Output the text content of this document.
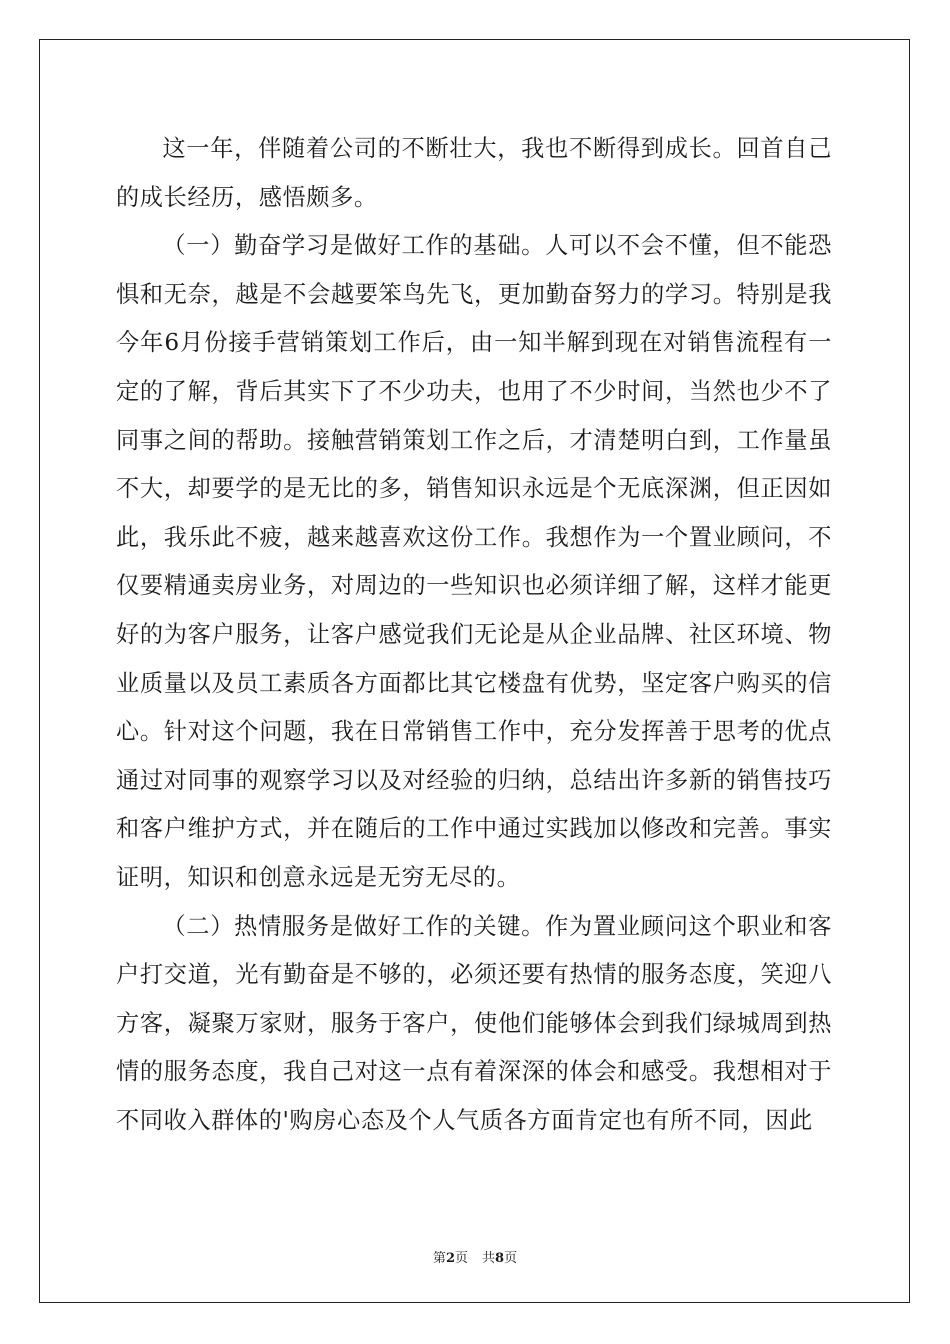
这一年，伴随着公司的不断壮大，我也不断得到成长。回首自己的成长经历，感悟颇多。

（一）勤奋学习是做好工作的基础。人可以不会不懂，但不能恐惧和无奈，越是不会越要笨鸟先飞，更加勤奋努力的学习。特别是我今年6月份接手营销策划工作后，由一知半解到现在对销售流程有一定的了解，背后其实下了不少功夫，也用了不少时间，当然也少不了同事之间的帮助。接触营销策划工作之后，才清楚明白到，工作量虽不大，却要学的是无比的多，销售知识永远是个无底深渊，但正因如此，我乐此不疲，越来越喜欢这份工作。我想作为一个置业顾问，不仅要精通卖房业务，对周边的一些知识也必须详细了解，这样才能更好的为客户服务，让客户感觉我们无论是从企业品牌、社区环境、物业质量以及员工素质各方面都比其它楼盘有优势，坚定客户购买的信心。针对这个问题，我在日常销售工作中，充分发挥善于思考的优点通过对同事的观察学习以及对经验的归纳，总结出许多新的销售技巧和客户维护方式，并在随后的工作中通过实践加以修改和完善。事实证明，知识和创意永远是无穷无尽的。

（二）热情服务是做好工作的关键。作为置业顾问这个职业和客户打交道，光有勤奋是不够的，必须还要有热情的服务态度，笑迎八方客，凝聚万家财，服务于客户，使他们能够体会到我们绿城周到热情的服务态度，我自己对这一点有着深深的体会和感受。我想相对于不同收入群体的'购房心态及个人气质各方面肯定也有所不同，因此

第2页 共8页
